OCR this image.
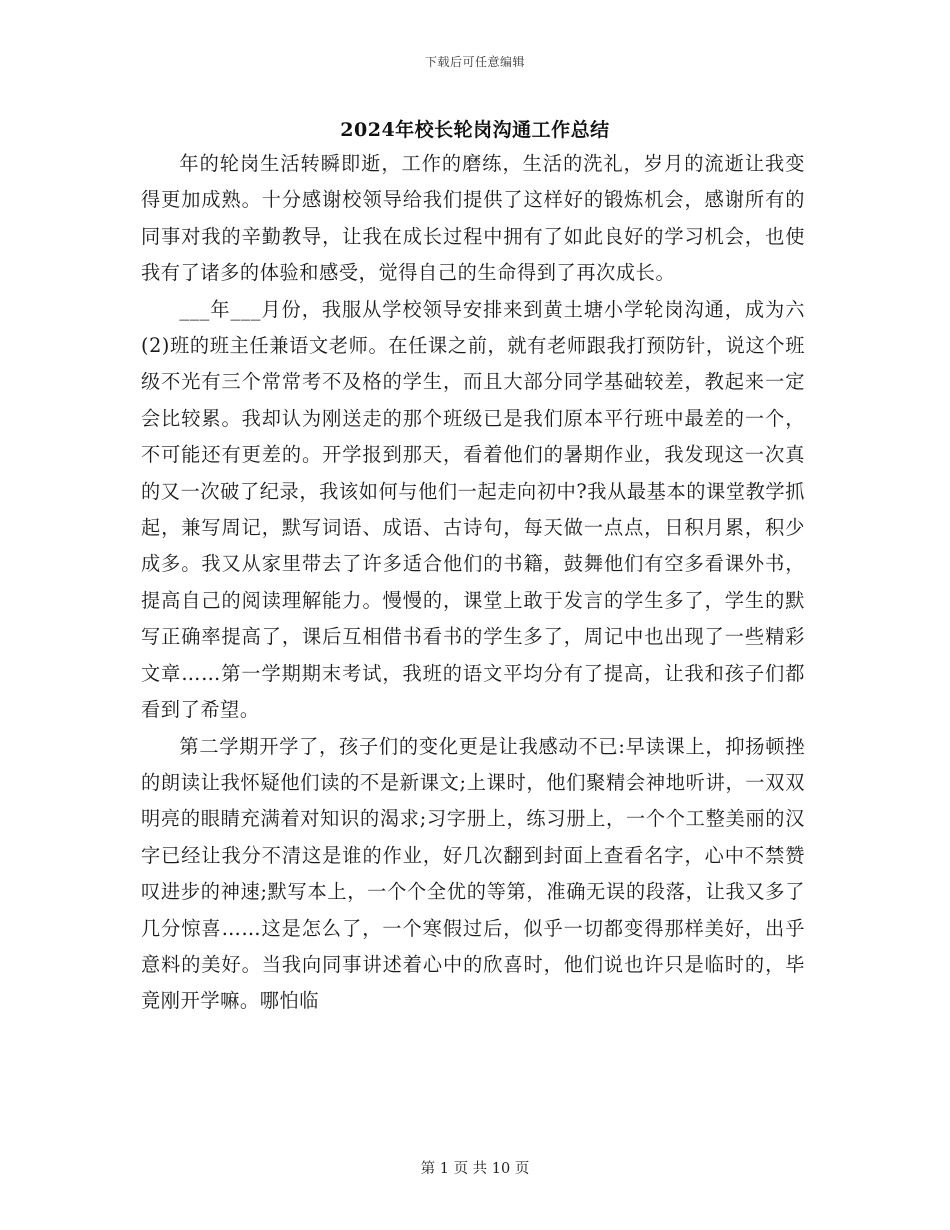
下载后可任意编辑
2024年校长轮岗沟通工作总结

年的轮岗生活转瞬即逝，工作的磨练，生活的洗礼，岁月的流逝让我变得更加成熟。十分感谢校领导给我们提供了这样好的锻炼机会，感谢所有的同事对我的辛勤教导，让我在成长过程中拥有了如此良好的学习机会，也使我有了诸多的体验和感受，觉得自己的生命得到了再次成长。

___年___月份，我服从学校领导安排来到黄土塘小学轮岗沟通，成为六(2)班的班主任兼语文老师。在任课之前，就有老师跟我打预防针，说这个班级不光有三个常常考不及格的学生，而且大部分同学基础较差，教起来一定会比较累。我却认为刚送走的那个班级已是我们原本平行班中最差的一个，不可能还有更差的。开学报到那天，看着他们的暑期作业，我发现这一次真的又一次破了纪录，我该如何与他们一起走向初中?我从最基本的课堂教学抓起，兼写周记，默写词语、成语、古诗句，每天做一点点，日积月累，积少成多。我又从家里带去了许多适合他们的书籍，鼓舞他们有空多看课外书，提高自己的阅读理解能力。慢慢的，课堂上敢于发言的学生多了，学生的默写正确率提高了，课后互相借书看书的学生多了，周记中也出现了一些精彩文章……第一学期期末考试，我班的语文平均分有了提高，让我和孩子们都看到了希望。

第二学期开学了，孩子们的变化更是让我感动不已:早读课上，抑扬顿挫的朗读让我怀疑他们读的不是新课文;上课时，他们聚精会神地听讲，一双双明亮的眼睛充满着对知识的渴求;习字册上，练习册上，一个个工整美丽的汉字已经让我分不清这是谁的作业，好几次翻到封面上查看名字，心中不禁赞叹进步的神速;默写本上，一个个全优的等第，准确无误的段落，让我又多了几分惊喜……这是怎么了，一个寒假过后，似乎一切都变得那样美好，出乎意料的美好。当我向同事讲述着心中的欣喜时，他们说也许只是临时的，毕竟刚开学嘛。哪怕临

第 1 页 共 10 页
